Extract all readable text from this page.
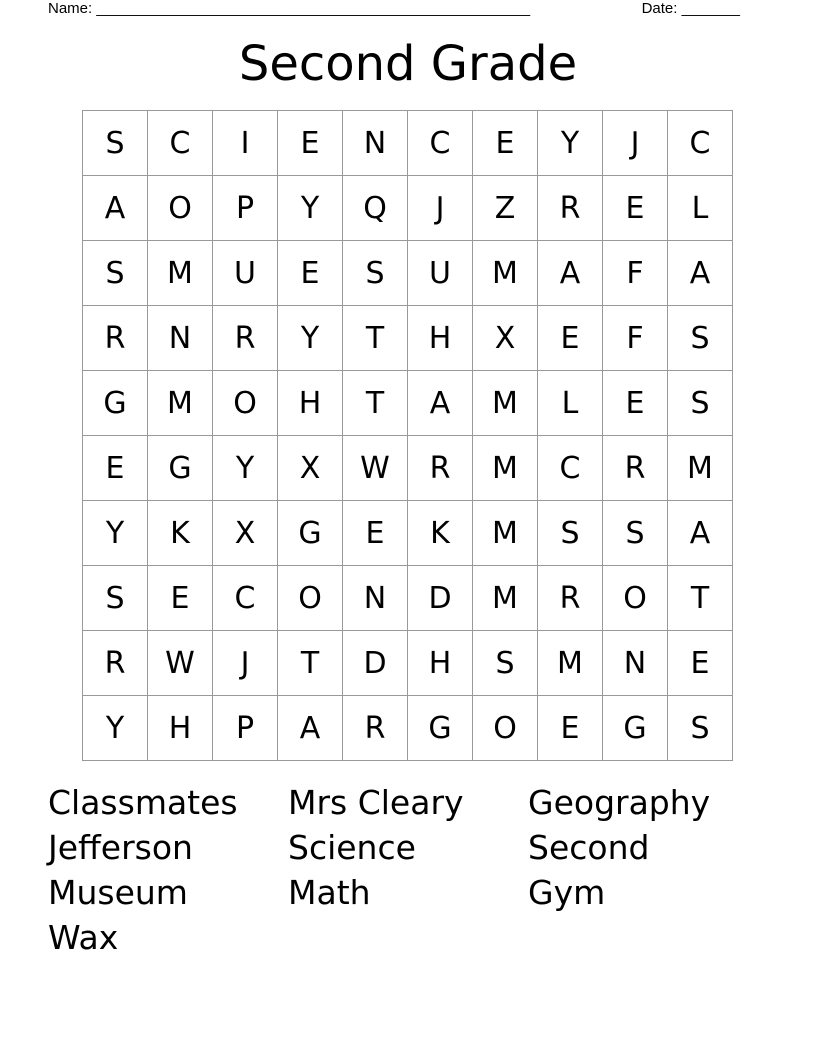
Name: ____________________________________________________	Date: _______
Second Grade
S	C	I	E	N	C	E	Y	J	C
A	O	P	Y	Q	J	Z	R	E	L
S	M	U	E	S	U	M	A	F	A
R	N	R	Y	T	H	X	E	F	S
G	M	O	H	T	A	M	L	E	S
E	G	Y	X	W	R	M	C	R	M
Y	K	X	G	E	K	M	S	S	A
S	E	C	O	N	D	M	R	O	T
R	W	J	T	D	H	S	M	N	E
Y	H	P	A	R	G	O	E	G	S
Classmates	Mrs Cleary	Geography
Jefferson	Science	Second
Museum	Math	Gym
Wax
